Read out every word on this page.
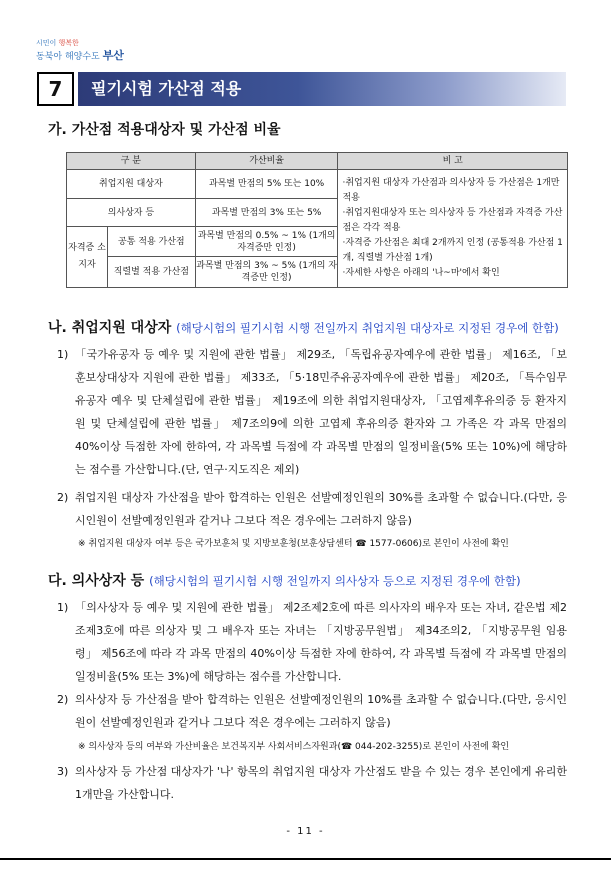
시민이 행복한
동북아 해양수도 부산
7	필기시험 가산점 적용
가. 가산점 적용대상자 및 가산점 비율
구 분		가산비율	비 고
취업지원 대상자		과목별 만점의 5% 또는 10%	·취업지원 대상자 가산점과 의사상자 등 가산점은 1개만 적용
·취업지원대상자 또는 의사상자 등 가산점과 자격증 가산점은 각각 적용
·자격증 가산점은 최대 2개까지 인정 (공통적용 가산점 1개, 직렬별 가산점 1개)
·자세한 사항은 아래의 '나~마'에서 확인

의사상자 등		과목별 만점의 3% 또는 5%	
자격증 소지자	공통 적용 가산점	과목별 만점의 0.5% ~ 1% (1개의 자격증만 인정)	
	직렬별 적용 가산점	과목별 만점의 3% ~ 5% (1개의 자격증만 인정)	
나. 취업지원 대상자 (해당시험의 필기시험 시행 전일까지 취업지원 대상자로 지정된 경우에 한함)
1) 「국가유공자 등 예우 및 지원에 관한 법률」 제29조, 「독립유공자예우에 관한 법률」 제16조, 「보훈보상대상자 지원에 관한 법률」 제33조, 「5·18민주유공자예우에 관한 법률」 제20조, 「특수임무유공자 예우 및 단체설립에 관한 법률」 제19조에 의한 취업지원대상자, 「고엽제후유의증 등 환자지원 및 단체설립에 관한 법률」 제7조의9에 의한 고엽제 후유의증 환자와 그 가족은 각 과목 만점의 40%이상 득점한 자에 한하여, 각 과목별 득점에 각 과목별 만점의 일정비율(5% 또는 10%)에 해당하는 점수를 가산합니다.(단, 연구·지도직은 제외)
2) 취업지원 대상자 가산점을 받아 합격하는 인원은 선발예정인원의 30%를 초과할 수 없습니다.(다만, 응시인원이 선발예정인원과 같거나 그보다 적은 경우에는 그러하지 않음)
※ 취업지원 대상자 여부 등은 국가보훈처 및 지방보훈청(보훈상담센터 ☎ 1577-0606)로 본인이 사전에 확인
다. 의사상자 등 (해당시험의 필기시험 시행 전일까지 의사상자 등으로 지정된 경우에 한함)
1) 「의사상자 등 예우 및 지원에 관한 법률」 제2조제2호에 따른 의사자의 배우자 또는 자녀, 같은법 제2조제3호에 따른 의상자 및 그 배우자 또는 자녀는 「지방공무원법」 제34조의2, 「지방공무원 임용령」 제56조에 따라 각 과목 만점의 40%이상 득점한 자에 한하여, 각 과목별 득점에 각 과목별 만점의 일정비율(5% 또는 3%)에 해당하는 점수를 가산합니다.
2) 의사상자 등 가산점을 받아 합격하는 인원은 선발예정인원의 10%를 초과할 수 없습니다.(다만, 응시인원이 선발예정인원과 같거나 그보다 적은 경우에는 그러하지 않음)
※ 의사상자 등의 여부와 가산비율은 보건복지부 사회서비스자원과(☎ 044-202-3255)로 본인이 사전에 확인
3) 의사상자 등 가산점 대상자가 '나' 항목의 취업지원 대상자 가산점도 받을 수 있는 경우 본인에게 유리한 1개만을 가산합니다.
- 11 -
